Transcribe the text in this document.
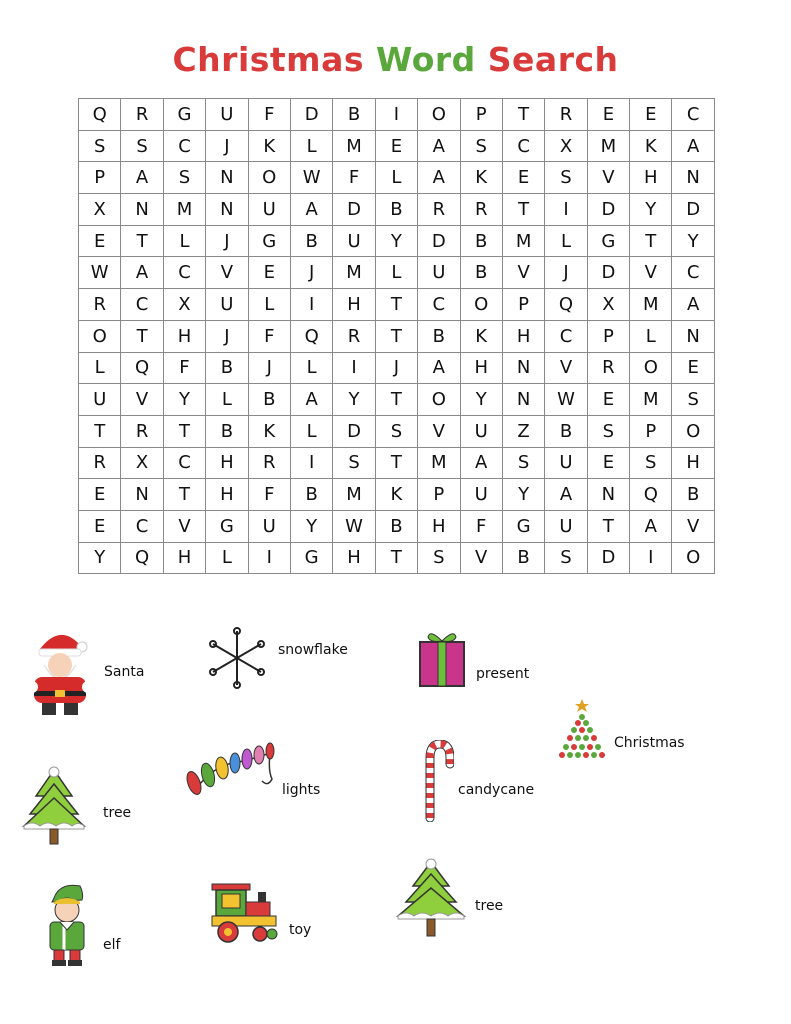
Christmas Word Search
Q	R	G	U	F	D	B	I	O	P	T	R	E	E	C
S	S	C	J	K	L	M	E	A	S	C	X	M	K	A
P	A	S	N	O	W	F	L	A	K	E	S	V	H	N
X	N	M	N	U	A	D	B	R	R	T	I	D	Y	D
E	T	L	J	G	B	U	Y	D	B	M	L	G	T	Y
W	A	C	V	E	J	M	L	U	B	V	J	D	V	C
R	C	X	U	L	I	H	T	C	O	P	Q	X	M	A
O	T	H	J	F	Q	R	T	B	K	H	C	P	L	N
L	Q	F	B	J	L	I	J	A	H	N	V	R	O	E
U	V	Y	L	B	A	Y	T	O	Y	N	W	E	M	S
T	R	T	B	K	L	D	S	V	U	Z	B	S	P	O
R	X	C	H	R	I	S	T	M	A	S	U	E	S	H
E	N	T	H	F	B	M	K	P	U	Y	A	N	Q	B
E	C	V	G	U	Y	W	B	H	F	G	U	T	A	V
Y	Q	H	L	I	G	H	T	S	V	B	S	D	I	O
Santa
snowflake
present
Christmas
tree
lights	candycane
elf
toy
tree
